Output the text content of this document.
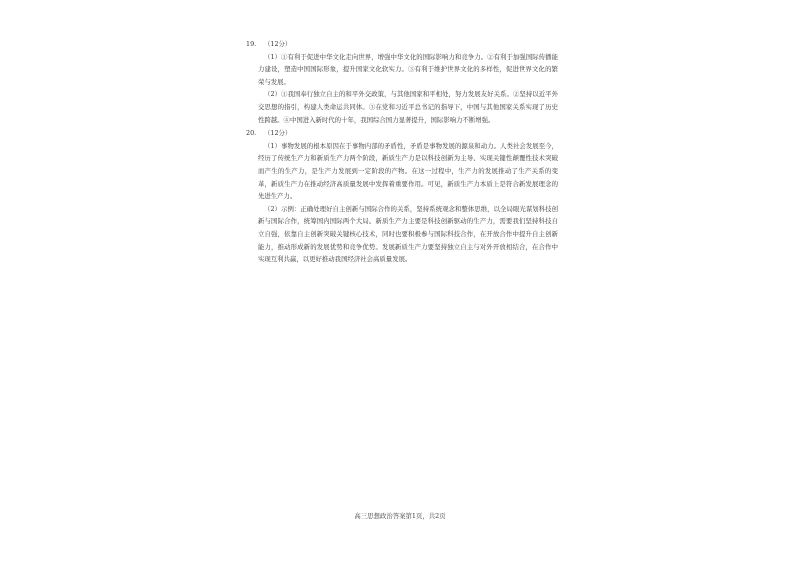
19. （12分）

（1）①有利于促进中华文化走向世界，增强中华文化的国际影响力和竞争力。②有利于加强国际传播能力建设，塑造中国国际形象，提升国家文化软实力。③有利于维护世界文化的多样性，促进世界文化的繁荣与发展。

（2）①我国奉行独立自主的和平外交政策，与其他国家和平相处，努力发展友好关系。②坚持以近平外交思想的指引，构建人类命运共同体。③在党和习近平总书记的指导下，中国与其他国家关系实现了历史性跨越。④中国进入新时代的十年，我国综合国力显著提升，国际影响力不断增强。

20. （12分）

（1）事物发展的根本原因在于事物内部的矛盾性，矛盾是事物发展的源泉和动力。人类社会发展至今，经历了传统生产力和新质生产力两个阶段，新质生产力是以科技创新为主导、实现关键性颠覆性技术突破而产生的生产力，是生产力发展到一定阶段的产物。在这一过程中，生产力的发展推动了生产关系的变革，新质生产力在推动经济高质量发展中发挥着重要作用。可见，新质生产力本质上是符合新发展理念的先进生产力。

（2）示例：正确处理好自主创新与国际合作的关系，坚持系统观念和整体思维，以全局眼光谋划科技创新与国际合作，统筹国内国际两个大局。新质生产力主要是科技创新驱动的生产力，需要我们坚持科技自立自强，依靠自主创新突破关键核心技术，同时也要积极参与国际科技合作，在开放合作中提升自主创新能力，推动形成新的发展优势和竞争优势。发展新质生产力要坚持独立自主与对外开放相结合，在合作中实现互利共赢，以更好推动我国经济社会高质量发展。

高三思想政治答案第1页，共2页
